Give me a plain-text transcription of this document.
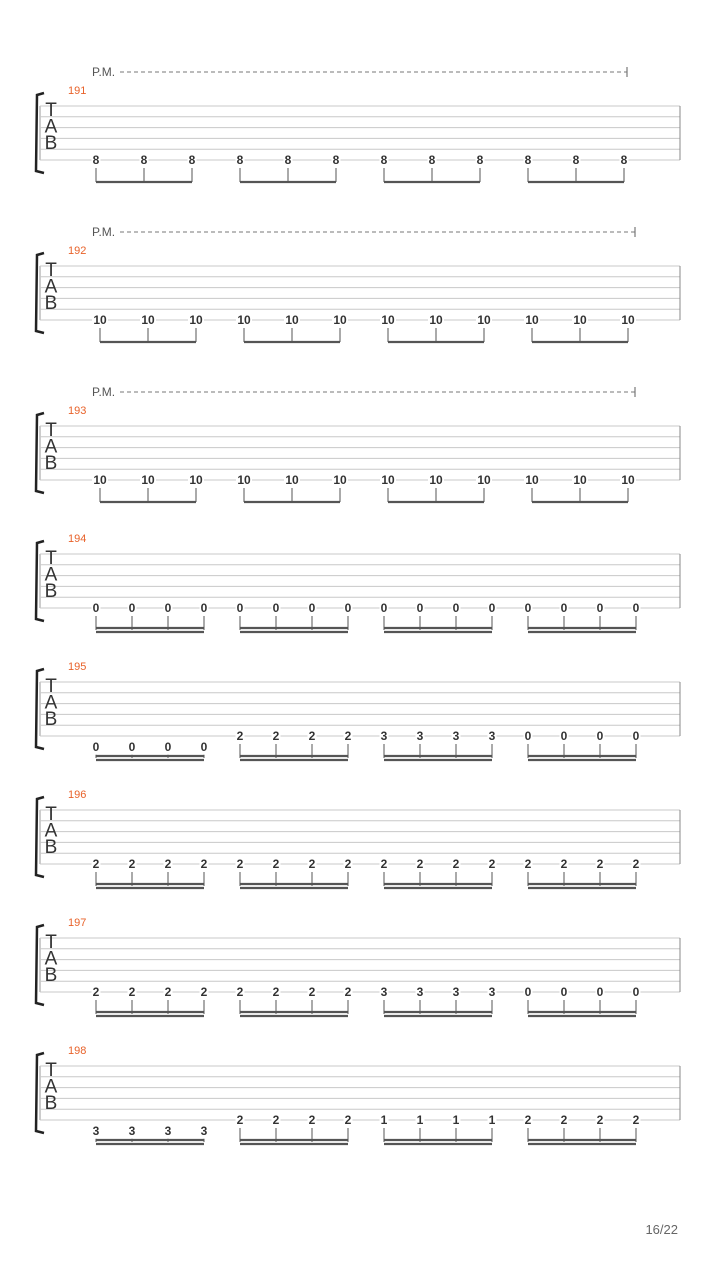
P.M.
191
T
A
B
8	8	8	8	8	8	8	8	8	8	8	8
P.M.
192
T
A
B
10	10	10	10	10	10	10	10	10	10	10	10
P.M.
193
T
A
B
10	10	10	10	10	10	10	10	10	10	10	10
194
T
A
B
0 0 0 0 0 0 0 0 0 0 0 0 0 0 0 0
195
T
A
B
0 0 0 0
2 2 2 2 3 3 3 3 0 0 0 0
196
T
A
B
2 2 2 2 2 2 2 2 2 2 2 2 2 2 2 2
197
T
A
B
2 2 2 2 2 2 2 2 3 3 3 3 0 0 0 0
198
T
A
B
3 3 3 3
2 2 2 2 1 1 1 1 2 2 2 2
16/22
